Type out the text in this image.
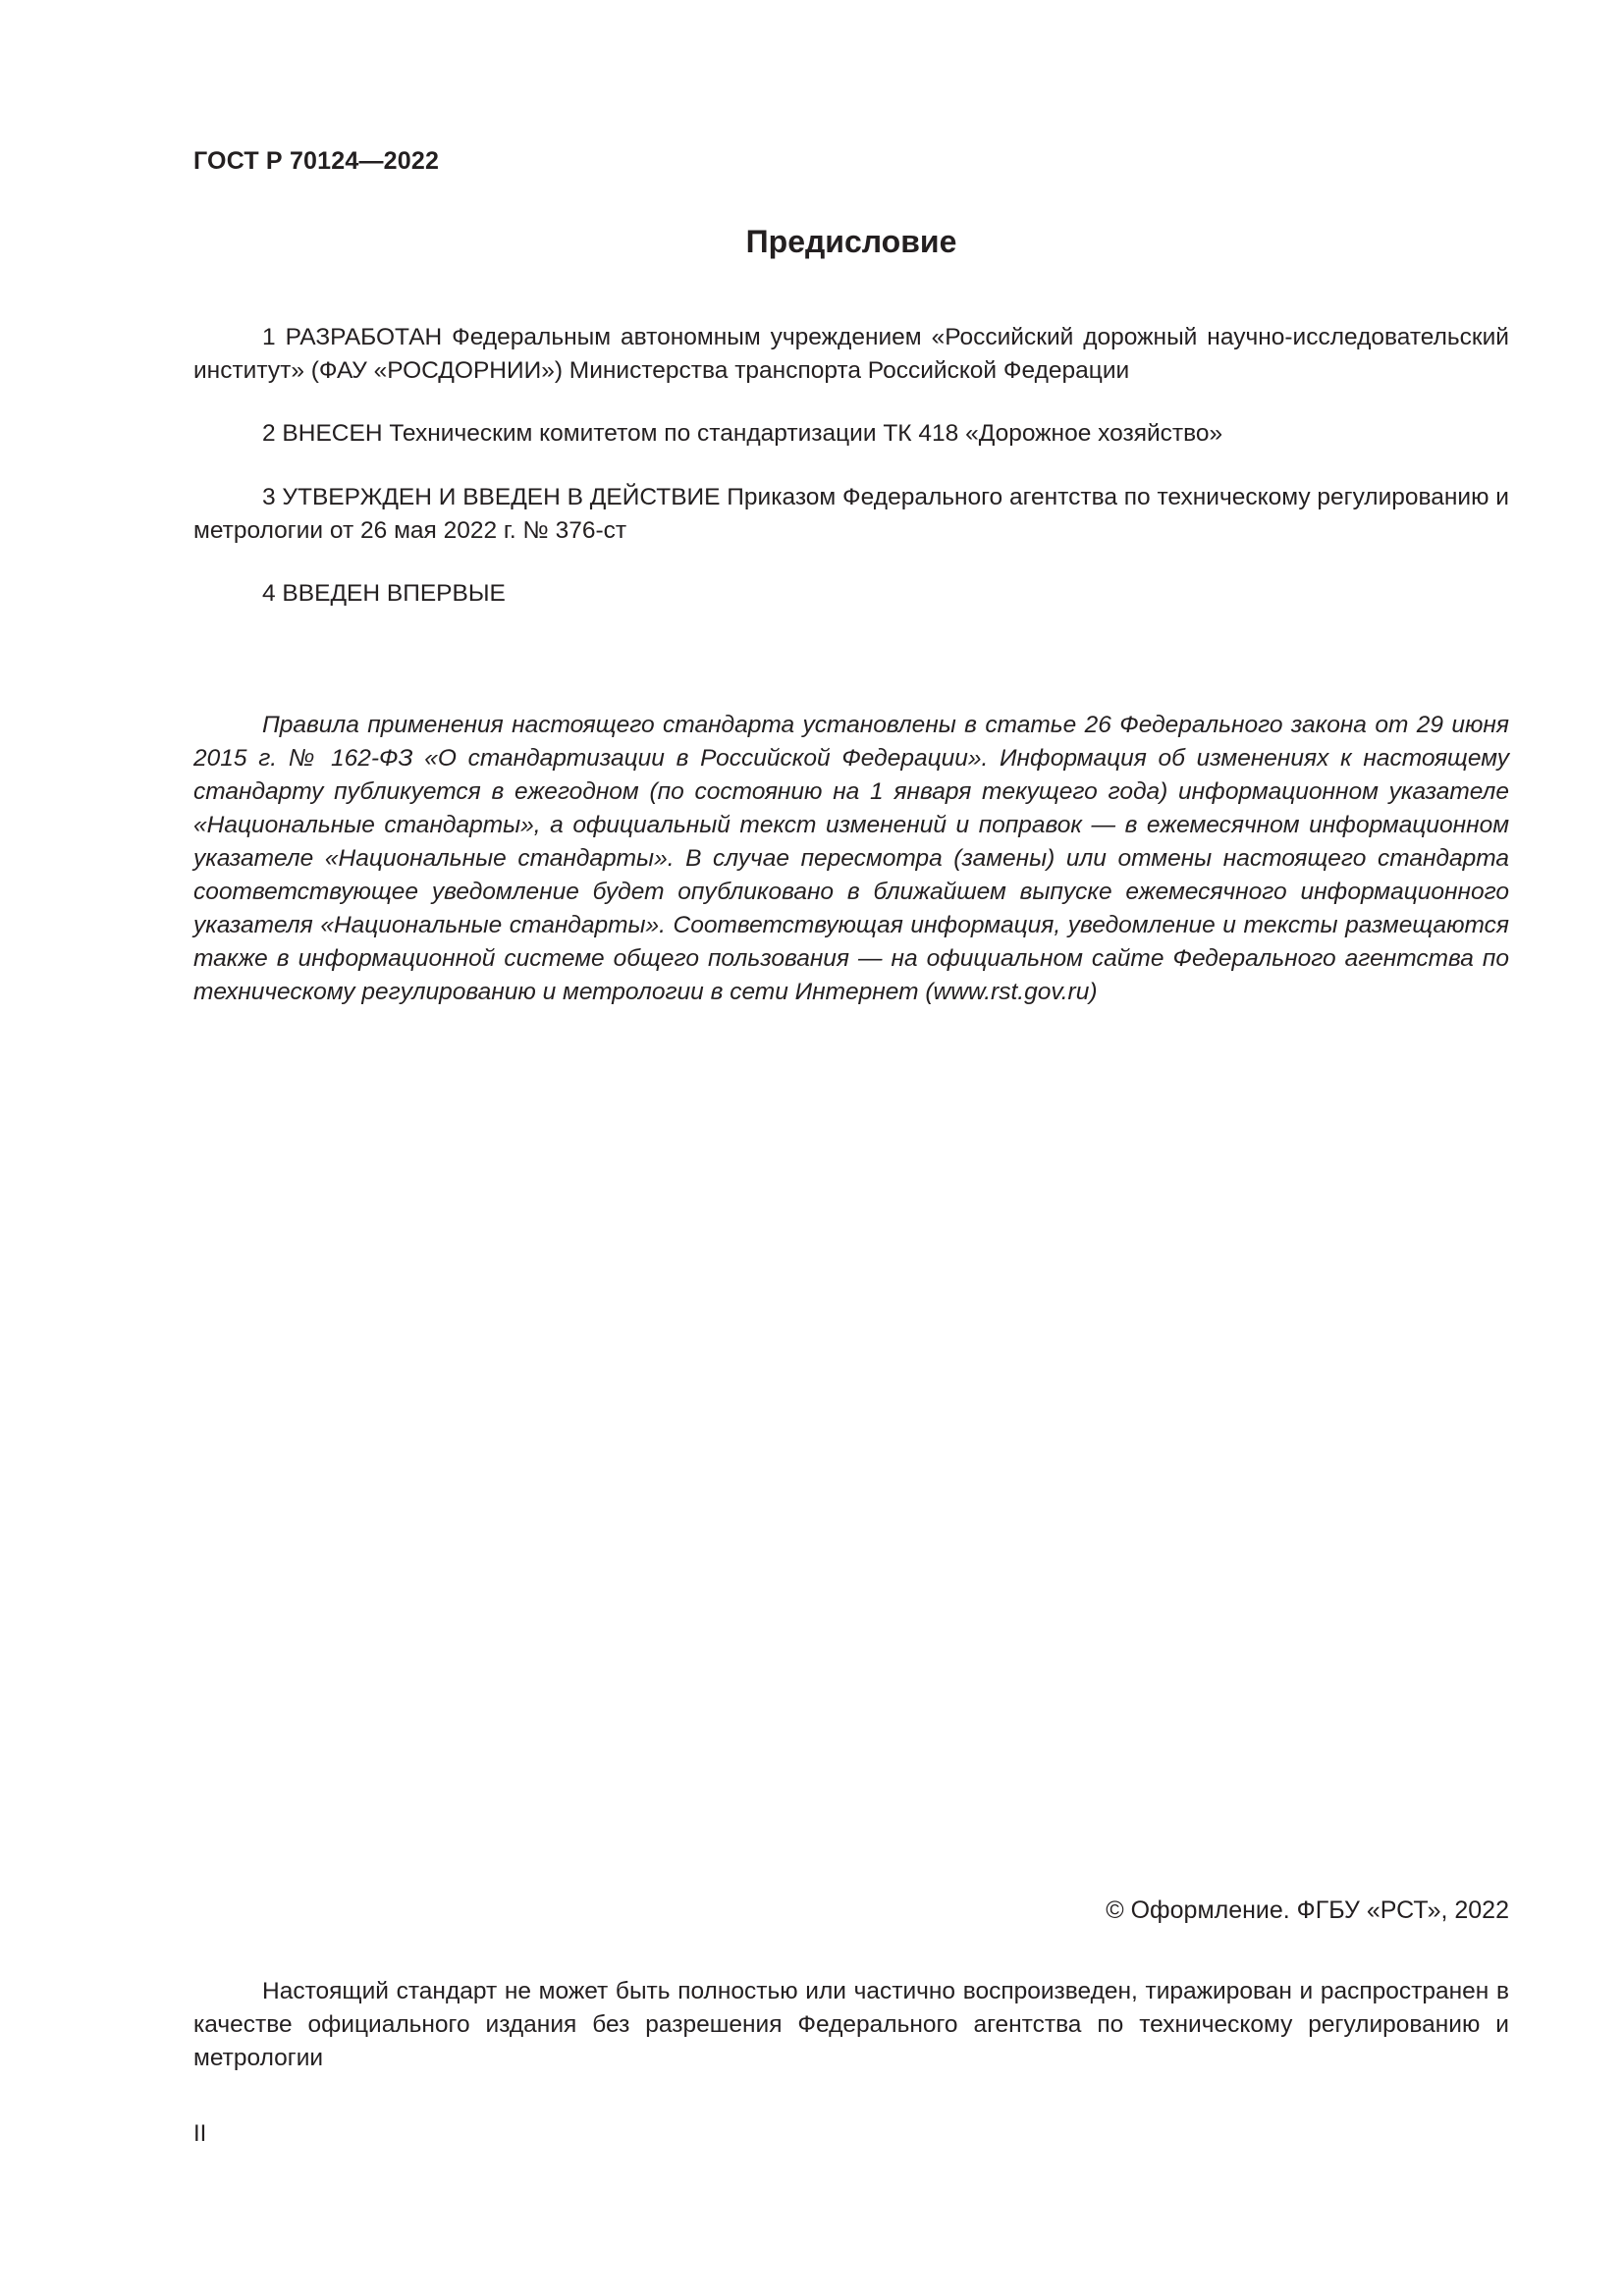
ГОСТ Р 70124—2022
Предисловие

1 РАЗРАБОТАН Федеральным автономным учреждением «Российский дорожный научно-исследовательский институт» (ФАУ «РОСДОРНИИ») Министерства транспорта Российской Федерации

2 ВНЕСЕН Техническим комитетом по стандартизации ТК 418 «Дорожное хозяйство»

3 УТВЕРЖДЕН И ВВЕДЕН В ДЕЙСТВИЕ Приказом Федерального агентства по техническому регулированию и метрологии от 26 мая 2022 г. № 376-ст

4 ВВЕДЕН ВПЕРВЫЕ

Правила применения настоящего стандарта установлены в статье 26 Федерального закона от 29 июня 2015 г. № 162-ФЗ «О стандартизации в Российской Федерации». Информация об изменениях к настоящему стандарту публикуется в ежегодном (по состоянию на 1 января текущего года) информационном указателе «Национальные стандарты», а официальный текст изменений и поправок — в ежемесячном информационном указателе «Национальные стандарты». В случае пересмотра (замены) или отмены настоящего стандарта соответствующее уведомление будет опубликовано в ближайшем выпуске ежемесячного информационного указателя «Национальные стандарты». Соответствующая информация, уведомление и тексты размещаются также в информационной системе общего пользования — на официальном сайте Федерального агентства по техническому регулированию и метрологии в сети Интернет (www.rst.gov.ru)

© Оформление. ФГБУ «РСТ», 2022

Настоящий стандарт не может быть полностью или частично воспроизведен, тиражирован и распространен в качестве официального издания без разрешения Федерального агентства по техническому регулированию и метрологии

II
